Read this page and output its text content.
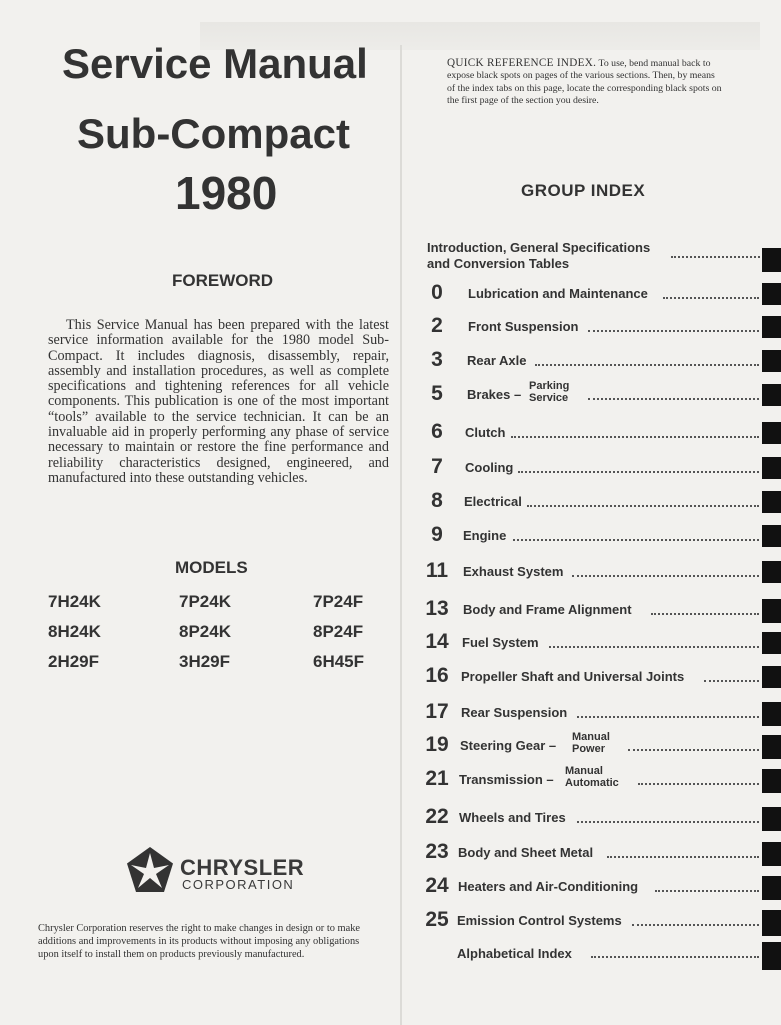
Service Manual
Sub-Compact
1980
FOREWORD

This Service Manual has been prepared with the latest service information available for the 1980 model Sub-Compact. It includes diagnosis, disassembly, repair, assembly and installation procedures, as well as complete specifications and tightening references for all vehicle components. This publication is one of the most important “tools” available to the service technician. It can be an invaluable aid in properly performing any phase of service necessary to maintain or restore the fine performance and reliability characteristics designed, engineered, and manufactured into these outstanding vehicles.

MODELS
7H24K	7P24K	7P24F
8H24K	8P24K	8P24F
2H29F	3H29F	6H45F
CHRYSLER
CORPORATION

Chrysler Corporation reserves the right to make changes in design or to make additions and improvements in its products without imposing any obligations upon itself to install them on products previously manufactured.

QUICK REFERENCE INDEX. To use, bend manual back to expose black spots on pages of the various sections. Then, by means of the index tabs on this page, locate the corresponding black spots on the first page of the section you desire.

GROUP INDEX
Introduction, General Specifications
and Conversion Tables
0	Lubrication and Maintenance
2	Front Suspension
3	Rear Axle
5	Brakes –
Parking
Service
6	Clutch
7	Cooling
8	Electrical
9	Engine
11	Exhaust System
13	Body and Frame Alignment
14	Fuel System
16 Propeller Shaft and Universal Joints
17 Rear Suspension
19 Steering Gear –
Manual
Power
21 Transmission –
Manual
Automatic
22 Wheels and Tires
23 Body and Sheet Metal
24 Heaters and Air-Conditioning
25 Emission Control Systems
Alphabetical Index
